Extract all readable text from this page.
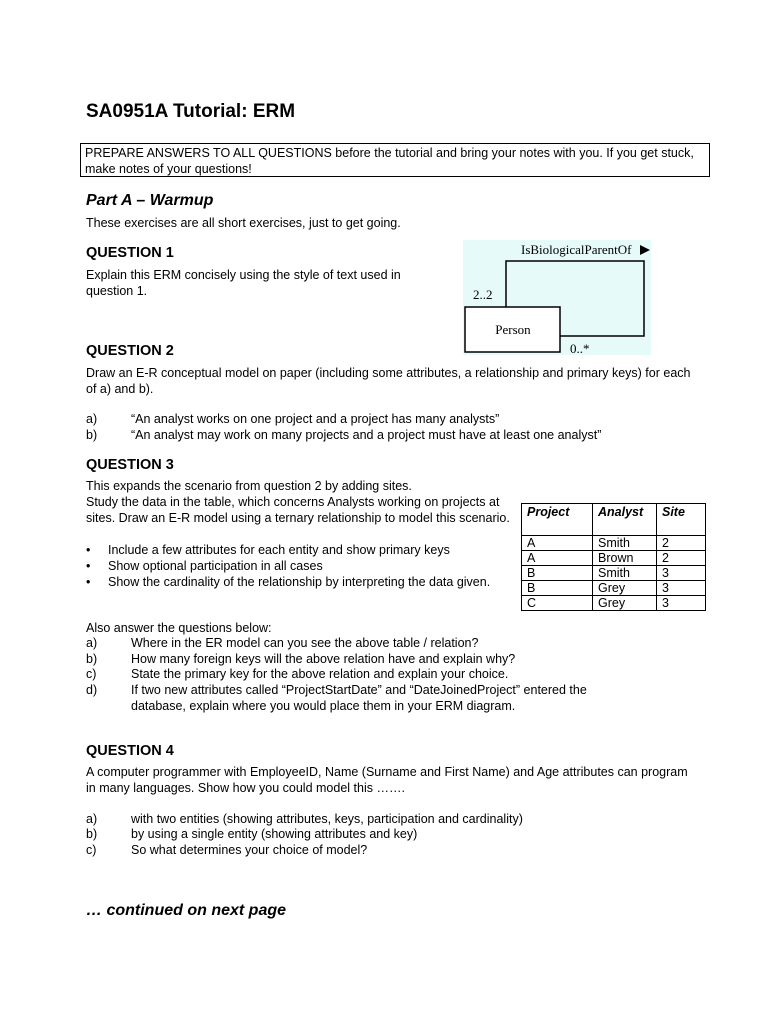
SA0951A Tutorial: ERM
PREPARE ANSWERS TO ALL QUESTIONS before the tutorial and bring your notes with you. If you get stuck, make notes of your questions!
Part A – Warmup
These exercises are all short exercises, just to get going.
QUESTION 1
Explain this ERM concisely using the style of text used in question 1.
IsBiologicalParentOf
Person
2..2
0..*
QUESTION 2
Draw an E-R conceptual model on paper (including some attributes, a relationship and primary keys) for each of a) and b).
a)	“An analyst works on one project and a project has many analysts”
b)	“An analyst may work on many projects and a project must have at least one analyst”
QUESTION 3
This expands the scenario from question 2 by adding sites.
Study the data in the table, which concerns Analysts working on projects at sites. Draw an E-R model using a ternary relationship to model this scenario.
• Include a few attributes for each entity and show primary keys
• Show optional participation in all cases
• Show the cardinality of the relationship by interpreting the data given.
Project	Analyst	Site
A	Smith	2
A	Brown	2
B	Smith	3
B	Grey	3
C	Grey	3
Also answer the questions below:
a)	Where in the ER model can you see the above table / relation?
b)	How many foreign keys will the above relation have and explain why?
c)	State the primary key for the above relation and explain your choice.
d)	If two new attributes called “ProjectStartDate” and “DateJoinedProject” entered the
database, explain where you would place them in your ERM diagram.
QUESTION 4
A computer programmer with EmployeeID, Name (Surname and First Name) and Age attributes can program in many languages. Show how you could model this …….
a)	with two entities (showing attributes, keys, participation and cardinality)
b)	by using a single entity (showing attributes and key)
c)	So what determines your choice of model?
… continued on next page
